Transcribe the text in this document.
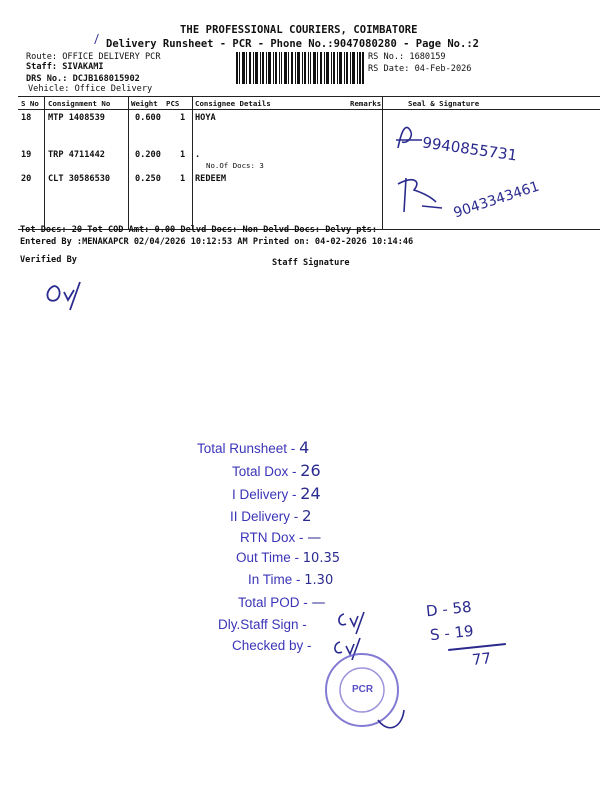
THE PROFESSIONAL COURIERS, COIMBATORE
Delivery Runsheet - PCR - Phone No.:9047080280 - Page No.:2
Route: OFFICE DELIVERY PCR
Staff: SIVAKAMI
DRS No.: DCJB168015902
Vehicle: Office Delivery
RS No.: 1680159
RS Date: 04-Feb-2026
S No Consignment No	Weight PCS Consignee Details	Remarks	Seal & Signature
18 MTP 1408539	0.600 1 HOYA
19 TRP 4711442	0.200 1 .
No.Of Docs: 3
20 CLT 30586530	0.250 1 REDEEM
9940855731
9043343461
Tot Docs: 20 Tot COD Amt: 0.00 Delvd Docs: Non Delvd Docs: Delvy pts:
Entered By :MENAKAPCR 02/04/2026 10:12:53 AM Printed on: 04-02-2026 10:14:46
Verified By	Staff Signature
Total Runsheet - 4
Total Dox - 26
I Delivery - 24
II Delivery - 2
RTN Dox - —
Out Time - 10.35
In Time - 1.30
Total POD - —
Dly.Staff Sign -
Checked by -
D - 58
S - 19
77
PCR
